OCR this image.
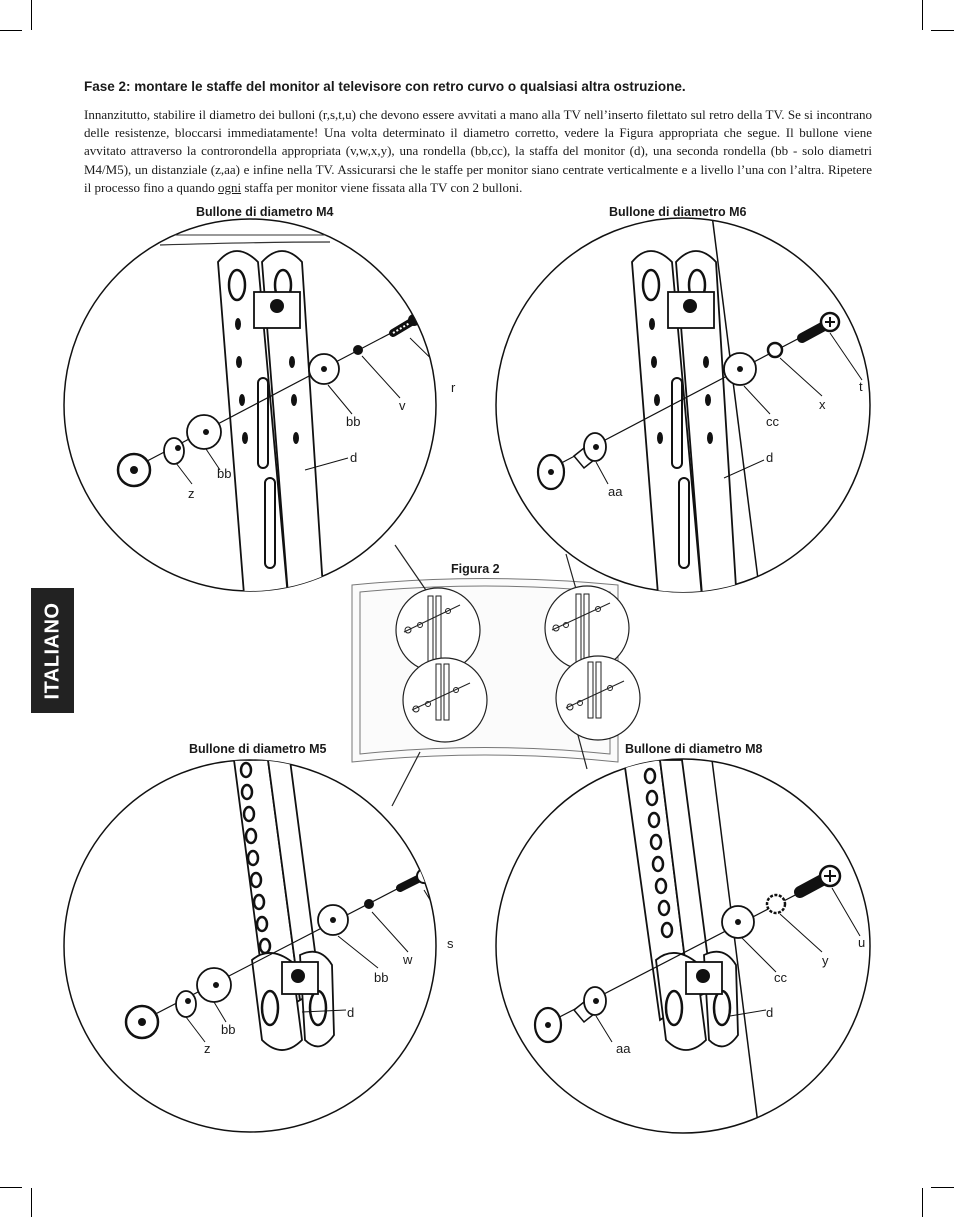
Fase 2: montare le staffe del monitor al televisore con retro curvo o qualsiasi altra ostruzione.
Innanzitutto, stabilire il diametro dei bulloni (r,s,t,u) che devono essere avvitati a mano alla TV nell’inserto filettato sul retro della TV. Se si incontrano delle resistenze, bloccarsi immediatamente! Una volta determinato il diametro corretto, vedere la Figura appropriata che segue. Il bullone viene avvitato attraverso la controrondella appropriata (v,w,x,y), una rondella (bb,cc), la staffa del monitor (d), una seconda rondella (bb - solo diametri M4/M5), un distanziale (z,aa) e infine nella TV. Assicurarsi che le staffe per monitor siano centrate verticalmente e a livello l’una con l’altra. Ripetere il processo fino a quando ogni staffa per monitor viene fissata alla TV con 2 bulloni.
ITALIANO
Bullone di diametro M4	Bullone di diametro M6
Figura 2
Bullone di diametro M5	Bullone di diametro M8
r
v
bb
d
bb
z
t
x
cc
d
aa
s
w
bb
d
bb
z
u
y
cc
d
aa
